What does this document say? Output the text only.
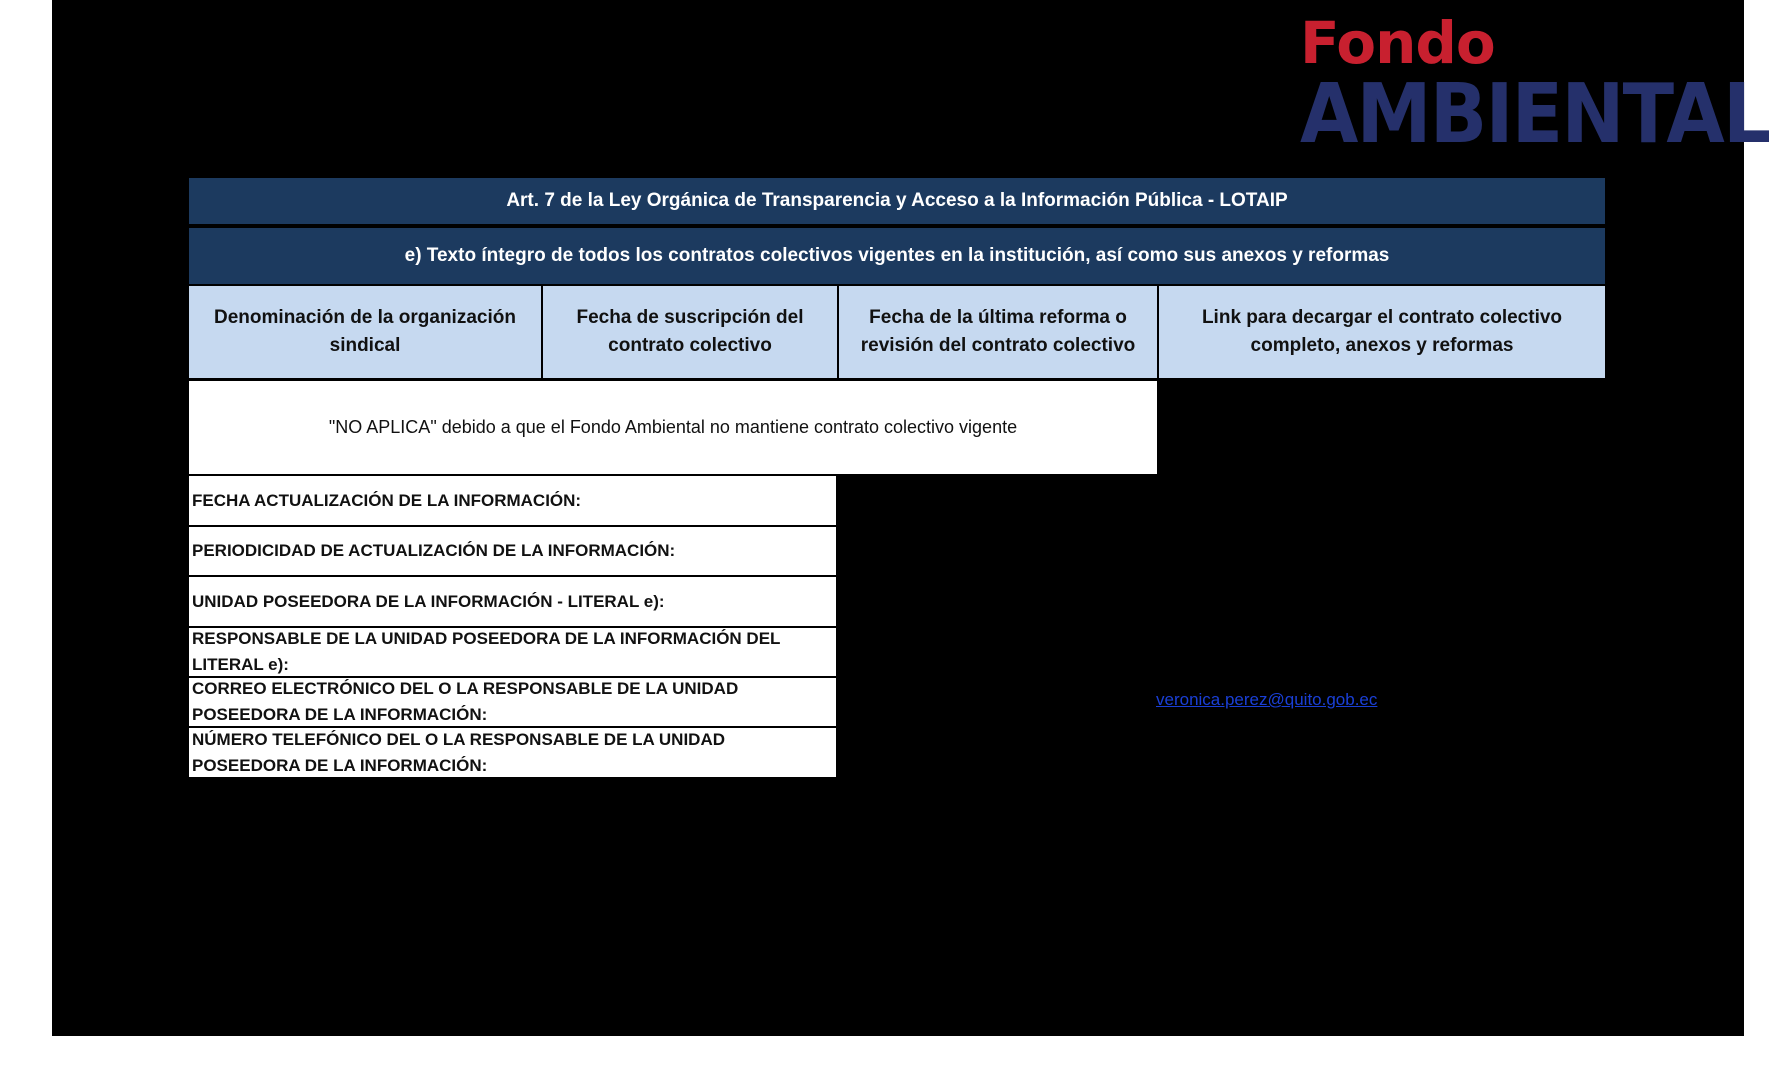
Fondo
AMBIENTAL
Art. 7 de la Ley Orgánica de Transparencia y Acceso a la Información Pública - LOTAIP
e) Texto íntegro de todos los contratos colectivos vigentes en la institución, así como sus anexos y reformas
Denominación de la organización sindical
Fecha de suscripción del contrato colectivo
Fecha de la última reforma o revisión del contrato colectivo
Link para decargar el contrato colectivo completo, anexos y reformas
"NO APLICA" debido a que el Fondo Ambiental no mantiene contrato colectivo vigente
FECHA ACTUALIZACIÓN DE LA INFORMACIÓN:
PERIODICIDAD DE ACTUALIZACIÓN DE LA INFORMACIÓN:
UNIDAD POSEEDORA DE LA INFORMACIÓN - LITERAL e):
RESPONSABLE DE LA UNIDAD POSEEDORA DE LA INFORMACIÓN DEL LITERAL e):
CORREO ELECTRÓNICO DEL O LA RESPONSABLE DE LA UNIDAD POSEEDORA DE LA INFORMACIÓN:
NÚMERO TELEFÓNICO DEL O LA RESPONSABLE DE LA UNIDAD POSEEDORA DE LA INFORMACIÓN:
veronica.perez@quito.gob.ec
